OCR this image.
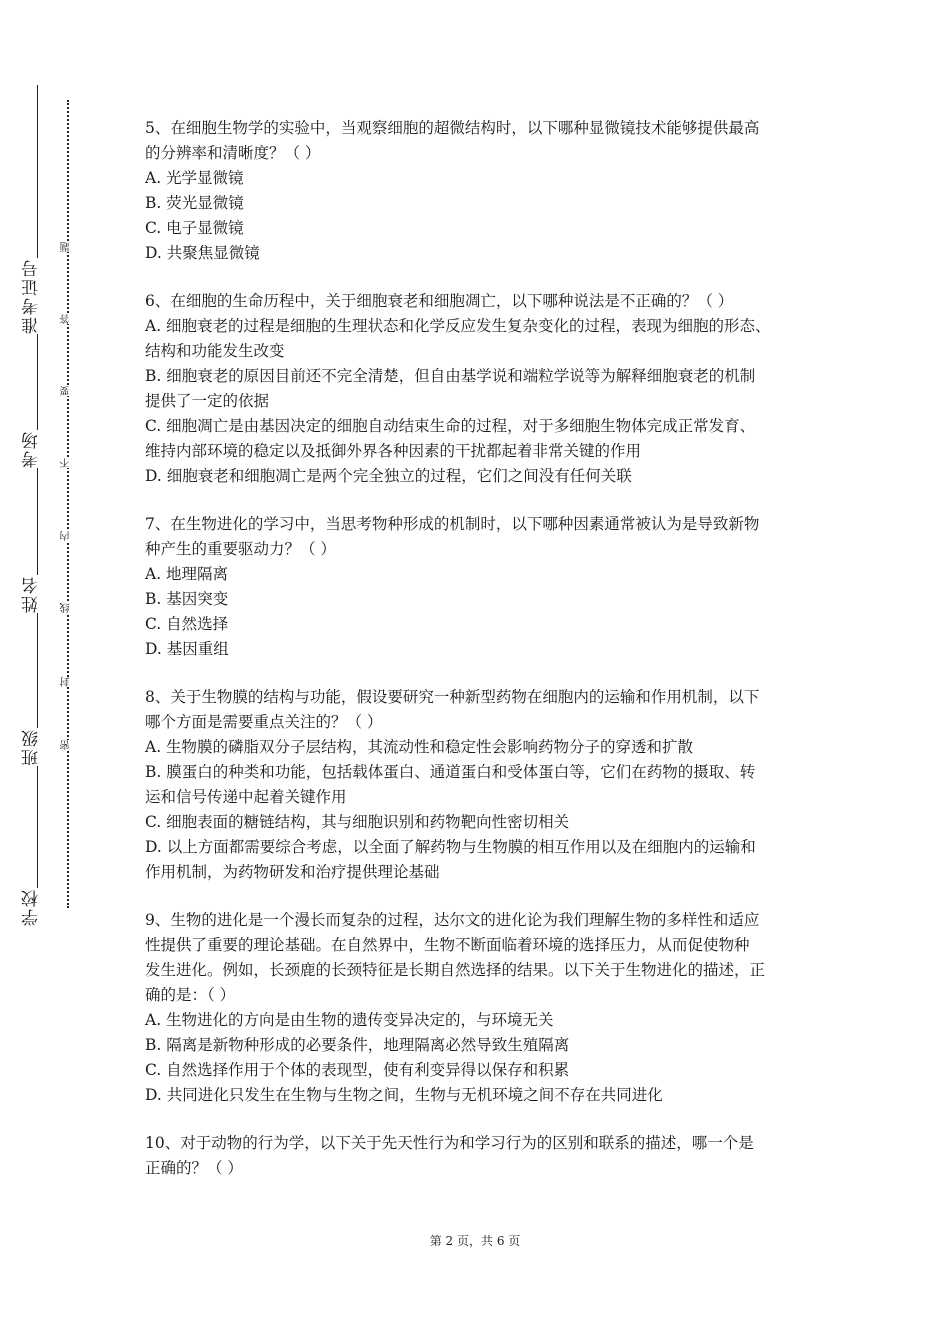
学校
班级
姓名
考场
准考证号
密
封
线
内
不
要
答
题
5、在细胞生物学的实验中，当观察细胞的超微结构时，以下哪种显微镜技术能够提供最高
的分辨率和清晰度？（ ）
A. 光学显微镜
B. 荧光显微镜
C. 电子显微镜
D. 共聚焦显微镜
6、在细胞的生命历程中，关于细胞衰老和细胞凋亡，以下哪种说法是不正确的？（ ）
A. 细胞衰老的过程是细胞的生理状态和化学反应发生复杂变化的过程，表现为细胞的形态、
结构和功能发生改变
B. 细胞衰老的原因目前还不完全清楚，但自由基学说和端粒学说等为解释细胞衰老的机制
提供了一定的依据
C. 细胞凋亡是由基因决定的细胞自动结束生命的过程，对于多细胞生物体完成正常发育、
维持内部环境的稳定以及抵御外界各种因素的干扰都起着非常关键的作用
D. 细胞衰老和细胞凋亡是两个完全独立的过程，它们之间没有任何关联
7、在生物进化的学习中，当思考物种形成的机制时，以下哪种因素通常被认为是导致新物
种产生的重要驱动力？（ ）
A. 地理隔离
B. 基因突变
C. 自然选择
D. 基因重组
8、关于生物膜的结构与功能，假设要研究一种新型药物在细胞内的运输和作用机制，以下
哪个方面是需要重点关注的？（ ）
A. 生物膜的磷脂双分子层结构，其流动性和稳定性会影响药物分子的穿透和扩散
B. 膜蛋白的种类和功能，包括载体蛋白、通道蛋白和受体蛋白等，它们在药物的摄取、转
运和信号传递中起着关键作用
C. 细胞表面的糖链结构，其与细胞识别和药物靶向性密切相关
D. 以上方面都需要综合考虑，以全面了解药物与生物膜的相互作用以及在细胞内的运输和
作用机制，为药物研发和治疗提供理论基础
9、生物的进化是一个漫长而复杂的过程，达尔文的进化论为我们理解生物的多样性和适应
性提供了重要的理论基础。在自然界中，生物不断面临着环境的选择压力，从而促使物种
发生进化。例如，长颈鹿的长颈特征是长期自然选择的结果。以下关于生物进化的描述，正
确的是：（ ）
A. 生物进化的方向是由生物的遗传变异决定的，与环境无关
B. 隔离是新物种形成的必要条件，地理隔离必然导致生殖隔离
C. 自然选择作用于个体的表现型，使有利变异得以保存和积累
D. 共同进化只发生在生物与生物之间，生物与无机环境之间不存在共同进化
10、对于动物的行为学，以下关于先天性行为和学习行为的区别和联系的描述，哪一个是
正确的？（ ）
第 2 页，共 6 页
